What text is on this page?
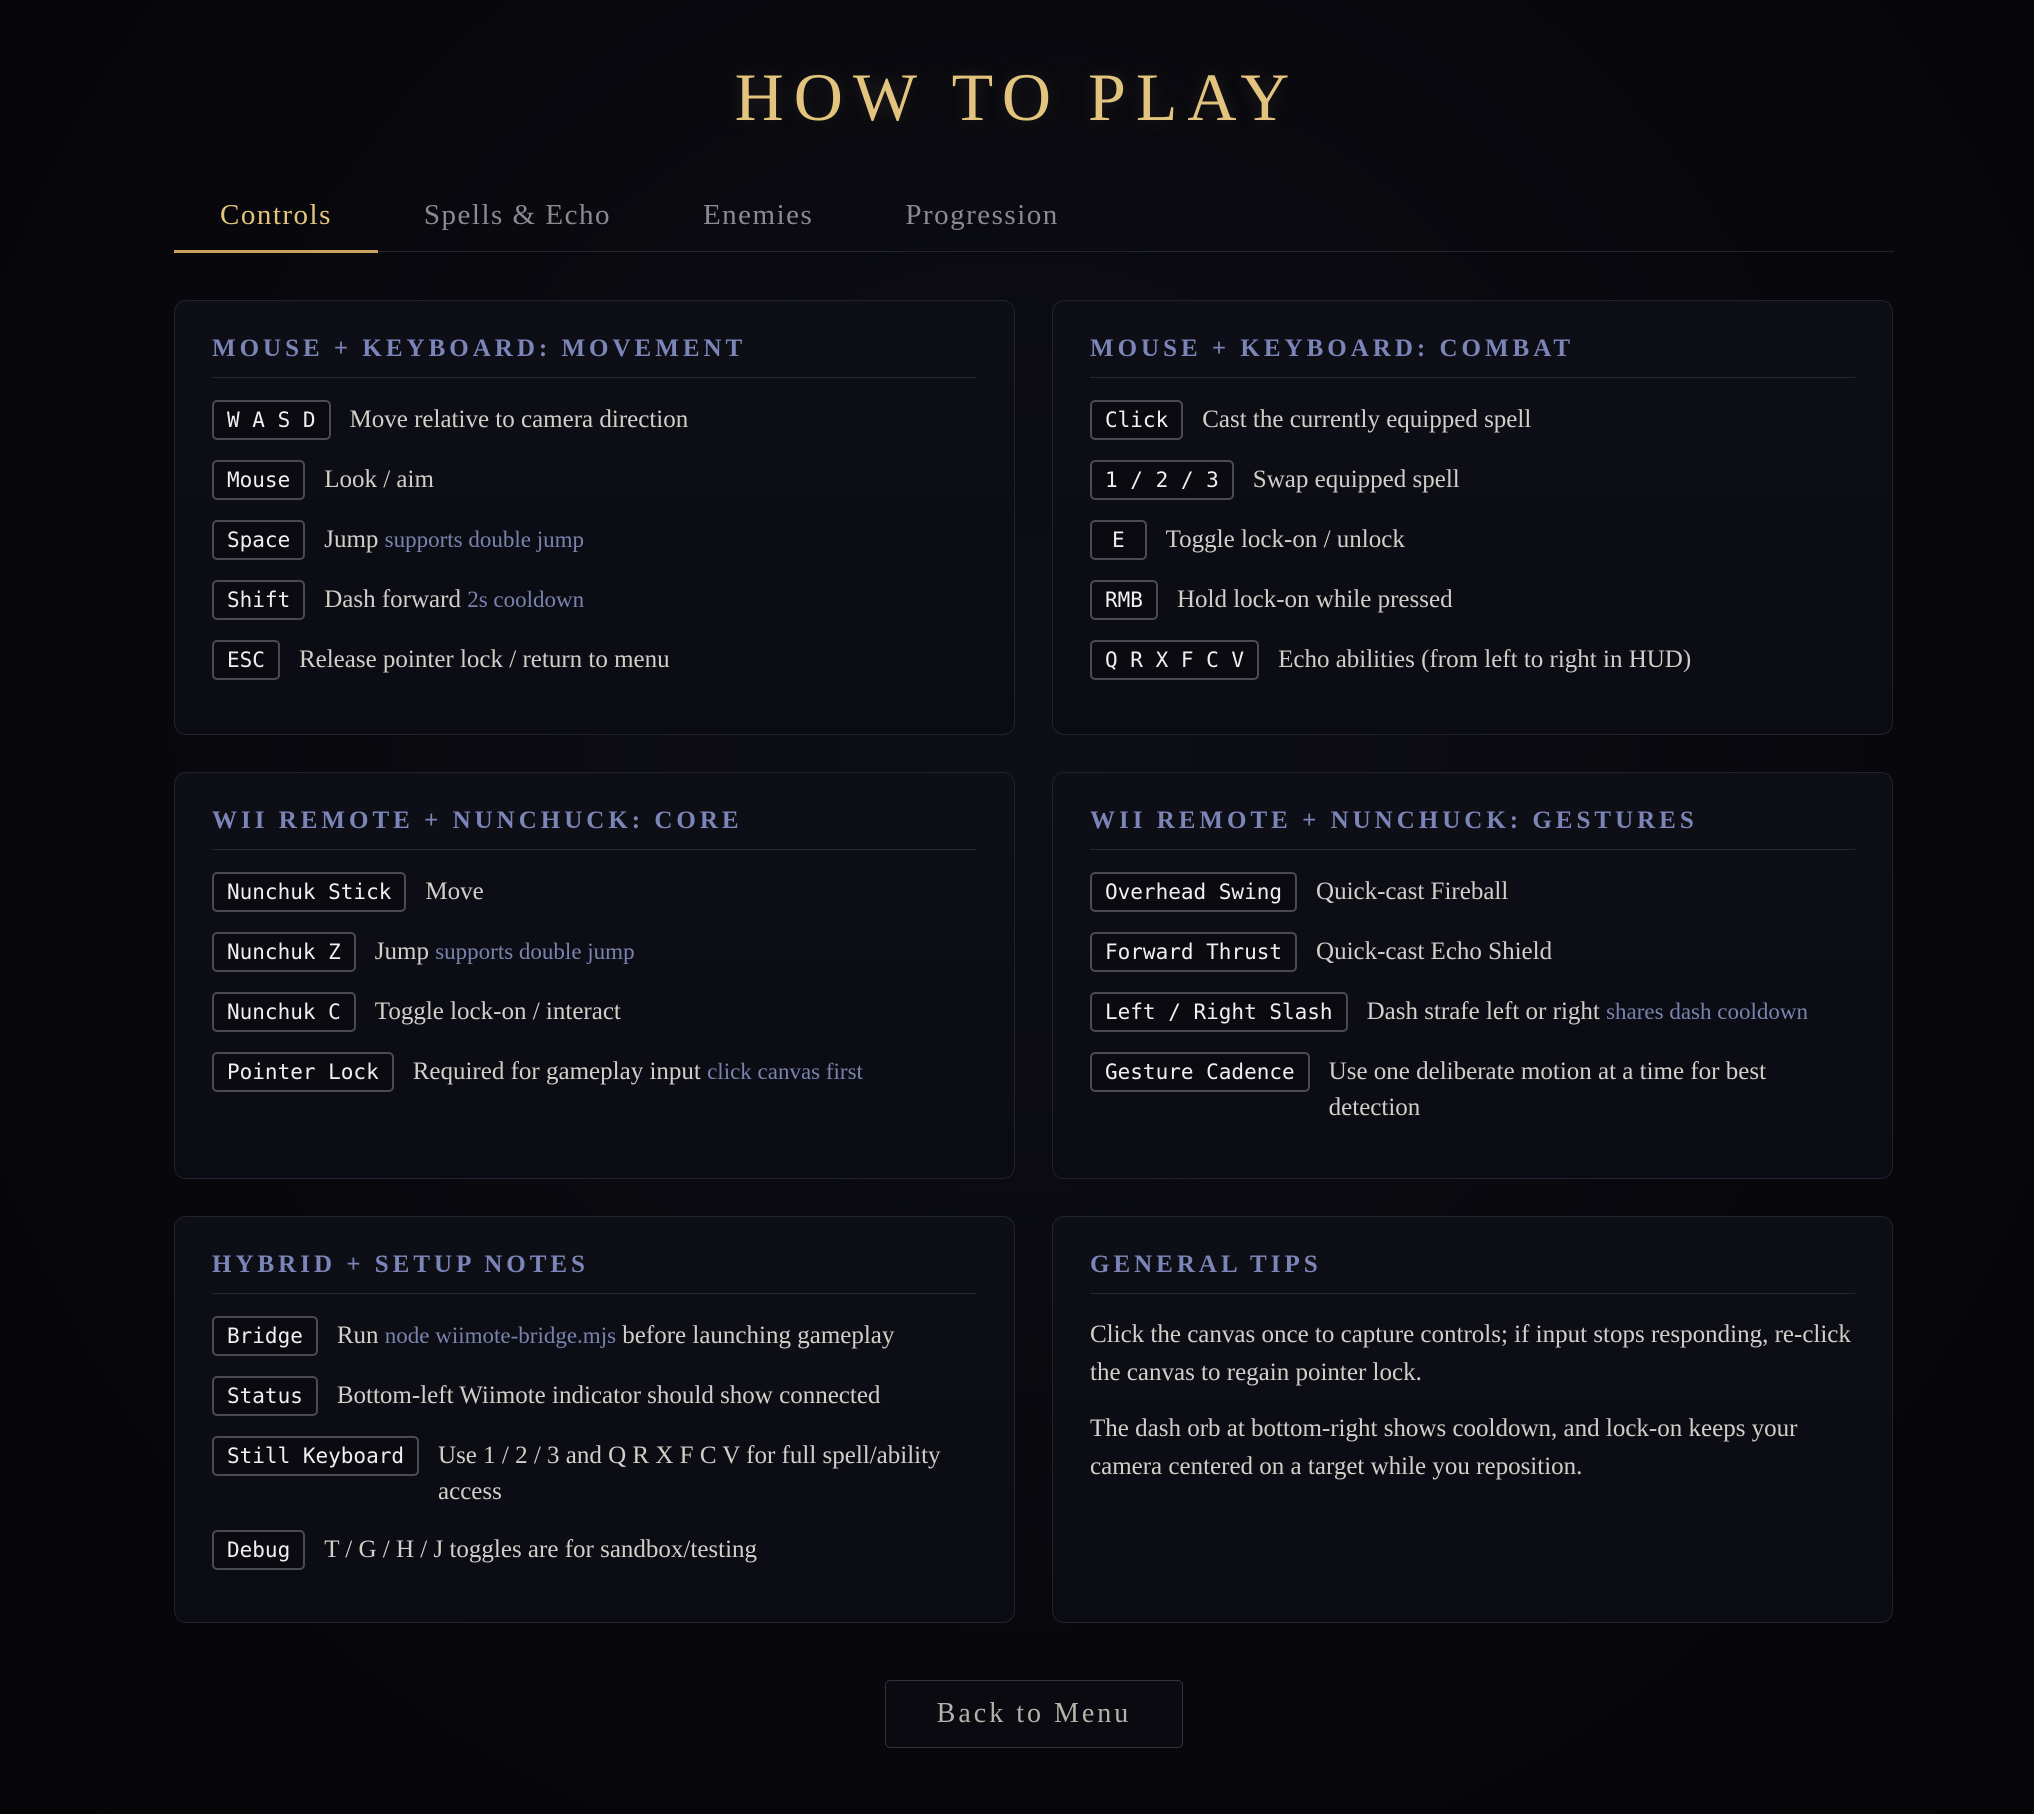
HOW TO PLAY
Controls	Spells & Echo	Enemies	Progression
MOUSE + KEYBOARD: MOVEMENT
W A S D	Move relative to camera direction
Mouse	Look / aim
Space	Jump supports double jump
Shift	Dash forward 2s cooldown
ESC	Release pointer lock / return to menu
MOUSE + KEYBOARD: COMBAT
Click	Cast the currently equipped spell
1 / 2 / 3	Swap equipped spell
E	Toggle lock-on / unlock
RMB	Hold lock-on while pressed
Q R X F C V	Echo abilities (from left to right in HUD)
WII REMOTE + NUNCHUCK: CORE
Nunchuk Stick	Move
Nunchuk Z	Jump supports double jump
Nunchuk C	Toggle lock-on / interact
Pointer Lock	Required for gameplay input click canvas first
WII REMOTE + NUNCHUCK: GESTURES
Overhead Swing	Quick-cast Fireball
Forward Thrust	Quick-cast Echo Shield
Left / Right Slash	Dash strafe left or right shares dash cooldown
Gesture Cadence	Use one deliberate motion at a time for best detection
HYBRID + SETUP NOTES
Bridge	Run node wiimote-bridge.mjs before launching gameplay
Status	Bottom-left Wiimote indicator should show connected
Still Keyboard	Use 1 / 2 / 3 and Q R X F C V for full spell/ability access
Debug	T / G / H / J toggles are for sandbox/testing
GENERAL TIPS

Click the canvas once to capture controls; if input stops responding, re-click the canvas to regain pointer lock.

The dash orb at bottom-right shows cooldown, and lock-on keeps your camera centered on a target while you reposition.

Back to Menu
